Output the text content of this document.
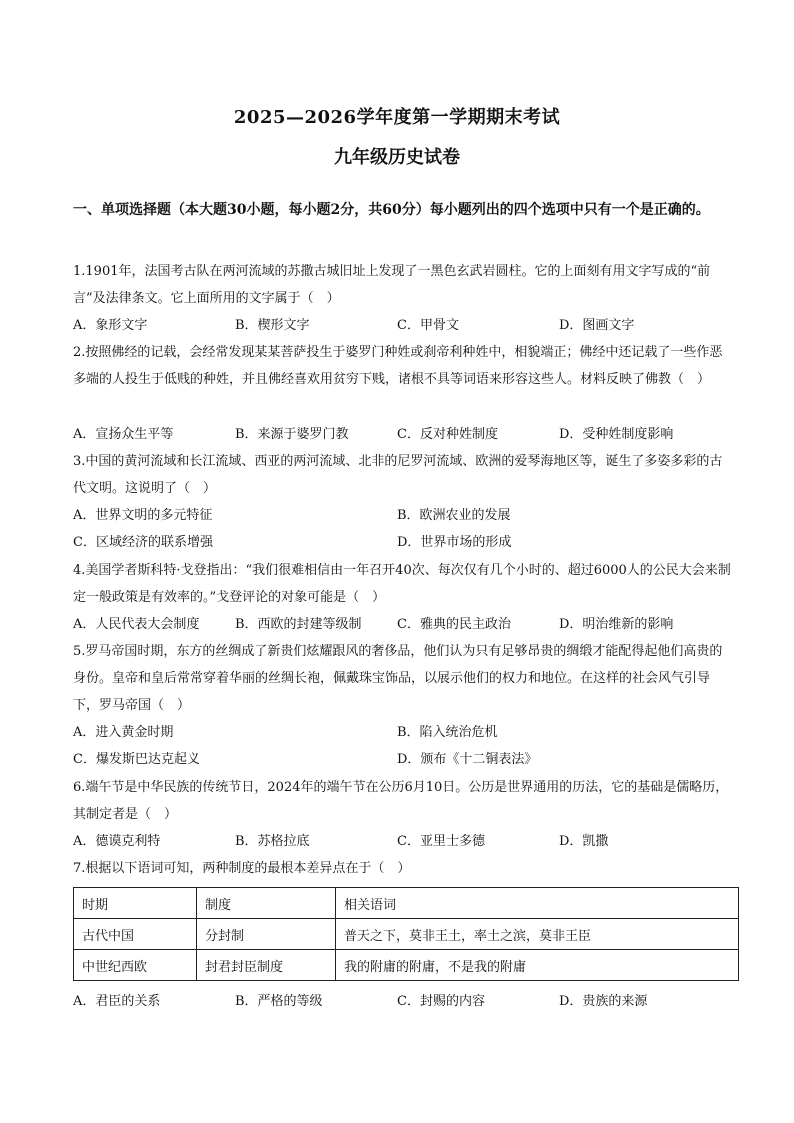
2025—2026学年度第一学期期末考试
九年级历史试卷
一、单项选择题（本大题30小题，每小题2分，共60分）每小题列出的四个选项中只有一个是正确的。
1.1901年，法国考古队在两河流域的苏撒古城旧址上发现了一黑色玄武岩圆柱。它的上面刻有用文字写成的“前言”及法律条文。它上面所用的文字属于（　）
A．象形文字	B．楔形文字	C．甲骨文	D．图画文字
2.按照佛经的记载，会经常发现某某菩萨投生于婆罗门种姓或刹帝利种姓中，相貌端正；佛经中还记载了一些作恶多端的人投生于低贱的种姓，并且佛经喜欢用贫穷下贱，诸根不具等词语来形容这些人。材料反映了佛教（　）
A．宣扬众生平等	B．来源于婆罗门教	C．反对种姓制度	D．受种姓制度影响
3.中国的黄河流域和长江流域、西亚的两河流域、北非的尼罗河流域、欧洲的爱琴海地区等，诞生了多姿多彩的古代文明。这说明了（　）
A．世界文明的多元特征	B．欧洲农业的发展
C．区域经济的联系增强	D．世界市场的形成
4.美国学者斯科特·戈登指出：“我们很难相信由一年召开40次、每次仅有几个小时的、超过6000人的公民大会来制定一般政策是有效率的。”戈登评论的对象可能是（　）
A．人民代表大会制度	B．西欧的封建等级制	C．雅典的民主政治	D．明治维新的影响
5.罗马帝国时期，东方的丝绸成了新贵们炫耀跟风的奢侈品，他们认为只有足够昂贵的绸缎才能配得起他们高贵的身份。皇帝和皇后常常穿着华丽的丝绸长袍，佩戴珠宝饰品，以展示他们的权力和地位。在这样的社会风气引导下，罗马帝国（　）
A．进入黄金时期	B．陷入统治危机
C．爆发斯巴达克起义	D．颁布《十二铜表法》
6.端午节是中华民族的传统节日，2024年的端午节在公历6月10日。公历是世界通用的历法，它的基础是儒略历，其制定者是（　）
A．德谟克利特	B．苏格拉底	C．亚里士多德	D．凯撒
7.根据以下语词可知，两种制度的最根本差异点在于（　）
时期	制度	相关语词
古代中国	分封制	普天之下，莫非王土，率土之滨，莫非王臣
中世纪西欧	封君封臣制度	我的附庸的附庸，不是我的附庸
A．君臣的关系	B．严格的等级	C．封赐的内容	D．贵族的来源
